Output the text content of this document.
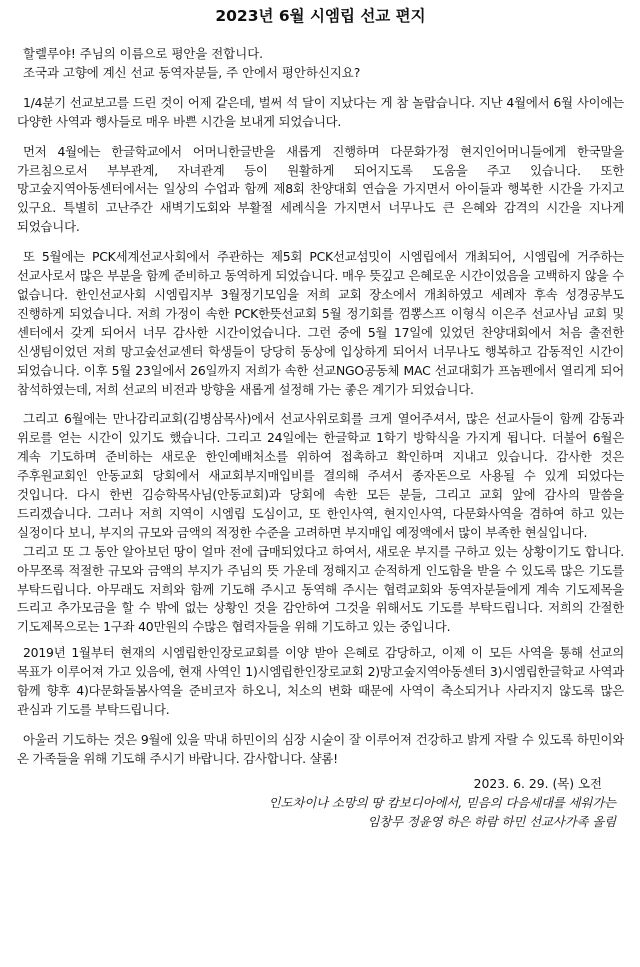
2023년 6월 시엠립 선교 편지
할렐루야! 주님의 이름으로 평안을 전합니다.
조국과 고향에 계신 선교 동역자분들, 주 안에서 평안하신지요?

1/4분기 선교보고를 드린 것이 어제 같은데, 벌써 석 달이 지났다는 게 참 놀랍습니다. 지난 4월에서 6월 사이에는 다양한 사역과 행사들로 매우 바쁜 시간을 보내게 되었습니다.

먼저 4월에는 한글학교에서 어머니한글반을 새롭게 진행하며 다문화가정 현지인어머니들에게 한국말을 가르침으로서 부부관계, 자녀관계 등이 원활하게 되어지도록 도움을 주고 있습니다. 또한 망고숲지역아동센터에서는 일상의 수업과 함께 제8회 찬양대회 연습을 가지면서 아이들과 행복한 시간을 가지고 있구요. 특별히 고난주간 새벽기도회와 부활절 세례식을 가지면서 너무나도 큰 은혜와 감격의 시간을 지나게 되었습니다.

또 5월에는 PCK세계선교사회에서 주관하는 제5회 PCK선교섬밋이 시엠립에서 개최되어, 시엠립에 거주하는 선교사로서 많은 부분을 함께 준비하고 동역하게 되었습니다. 매우 뜻깊고 은혜로운 시간이었음을 고백하지 않을 수 없습니다. 한인선교사회 시엠립지부 3월정기모임을 저희 교회 장소에서 개최하였고 세례자 후속 성경공부도 진행하게 되었습니다. 저희 가정이 속한 PCK한뜻선교회 5월 정기회를 껌뽕스프 이형식 이은주 선교사님 교회 및 센터에서 갖게 되어서 너무 감사한 시간이었습니다. 그런 중에 5월 17일에 있었던 찬양대회에서 처음 출전한 신생팀이었던 저희 망고숲선교센터 학생들이 당당히 동상에 입상하게 되어서 너무나도 행복하고 감동적인 시간이 되었습니다. 이후 5월 23일에서 26일까지 저희가 속한 선교NGO공동체 MAC 선교대회가 프놈펜에서 열리게 되어 참석하였는데, 저희 선교의 비전과 방향을 새롭게 설정해 가는 좋은 계기가 되었습니다.

그리고 6월에는 만나감리교회(김병삼목사)에서 선교사위로회를 크게 열어주셔서, 많은 선교사들이 함께 감동과 위로를 얻는 시간이 있기도 했습니다. 그리고 24일에는 한글학교 1학기 방학식을 가지게 됩니다. 더불어 6월은 계속 기도하며 준비하는 새로운 한인예배처소를 위하여 접촉하고 확인하며 지내고 있습니다. 감사한 것은 주후원교회인 안동교회 당회에서 새교회부지매입비를 결의해 주셔서 종자돈으로 사용될 수 있게 되었다는 것입니다. 다시 한번 김승학목사님(안동교회)과 당회에 속한 모든 분들, 그리고 교회 앞에 감사의 말씀을 드리겠습니다. 그러나 저희 지역이 시엠립 도심이고, 또 한인사역, 현지인사역, 다문화사역을 겸하여 하고 있는 실정이다 보니, 부지의 규모와 금액의 적정한 수준을 고려하면 부지매입 예정액에서 많이 부족한 현실입니다.

그리고 또 그 동안 알아보던 땅이 얼마 전에 급매되었다고 하여서, 새로운 부지를 구하고 있는 상황이기도 합니다. 아무쪼록 적절한 규모와 금액의 부지가 주님의 뜻 가운데 정해지고 순적하게 인도함을 받을 수 있도록 많은 기도를 부탁드립니다. 아무래도 저희와 함께 기도해 주시고 동역해 주시는 협력교회와 동역자분들에게 계속 기도제목을 드리고 추가모금을 할 수 밖에 없는 상황인 것을 감안하여 그것을 위해서도 기도를 부탁드립니다. 저희의 간절한 기도제목으로는 1구좌 40만원의 수많은 협력자들을 위해 기도하고 있는 중입니다.

2019년 1월부터 현재의 시엠립한인장로교회를 이양 받아 은혜로 감당하고, 이제 이 모든 사역을 통해 선교의 목표가 이루어져 가고 있음에, 현재 사역인 1)시엠립한인장로교회 2)망고숲지역아동센터 3)시엠립한글학교 사역과 함께 향후 4)다문화돌봄사역을 준비코자 하오니, 처소의 변화 때문에 사역이 축소되거나 사라지지 않도록 많은 관심과 기도를 부탁드립니다.

아울러 기도하는 것은 9월에 있을 막내 하민이의 심장 시술이 잘 이루어져 건강하고 밝게 자랄 수 있도록 하민이와 온 가족들을 위해 기도해 주시기 바랍니다. 감사합니다. 샬롬!

2023. 6. 29. (목) 오전
인도차이나 소망의 땅 캄보디아에서, 믿음의 다음세대를 세워가는
임창무 정윤영 하은 하람 하민 선교사가족 올림
